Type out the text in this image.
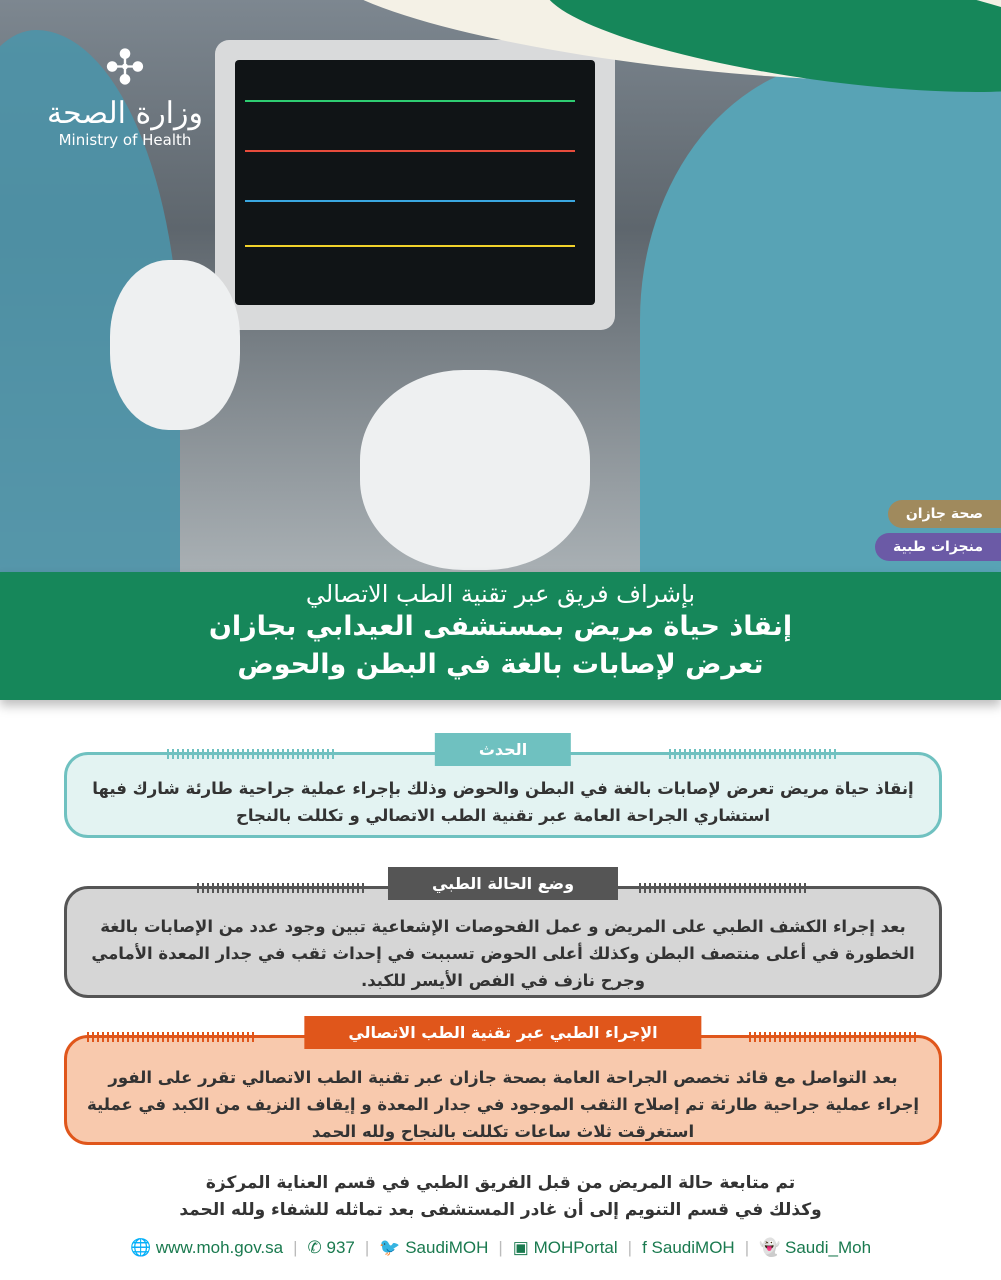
✣
وزارة الصحة
Ministry of Health
صحة جازان
منجزات طبية
بإشراف فريق عبر تقنية الطب الاتصالي
إنقاذ حياة مريض بمستشفى العيدابي بجازان
تعرض لإصابات بالغة في البطن والحوض
الحدث
إنقاذ حياة مريض تعرض لإصابات بالغة في البطن والحوض وذلك بإجراء عملية جراحية طارئة شارك فيها استشاري الجراحة العامة عبر تقنية الطب الاتصالي و تكللت بالنجاح
وضع الحالة الطبي
بعد إجراء الكشف الطبي على المريض و عمل الفحوصات الإشعاعية تبين وجود عدد من الإصابات بالغة الخطورة في أعلى منتصف البطن وكذلك أعلى الحوض تسببت في إحداث ثقب في جدار المعدة الأمامي وجرح نازف في الفص الأيسر للكبد.
الإجراء الطبي عبر تقنية الطب الاتصالي
بعد التواصل مع قائد تخصص الجراحة العامة بصحة جازان عبر تقنية الطب الاتصالي تقرر على الفور إجراء عملية جراحية طارئة تم إصلاح الثقب الموجود في جدار المعدة و إيقاف النزيف من الكبد في عملية استغرقت ثلاث ساعات تكللت بالنجاح ولله الحمد
تم متابعة حالة المريض من قبل الفريق الطبي في قسم العناية المركزة
وكذلك في قسم التنويم إلى أن غادر المستشفى بعد تماثله للشفاء ولله الحمد
🌐 www.moh.gov.sa | ✆ 937 | 🐦 SaudiMOH | ▣ MOHPortal | f SaudiMOH | 👻 Saudi_Moh
